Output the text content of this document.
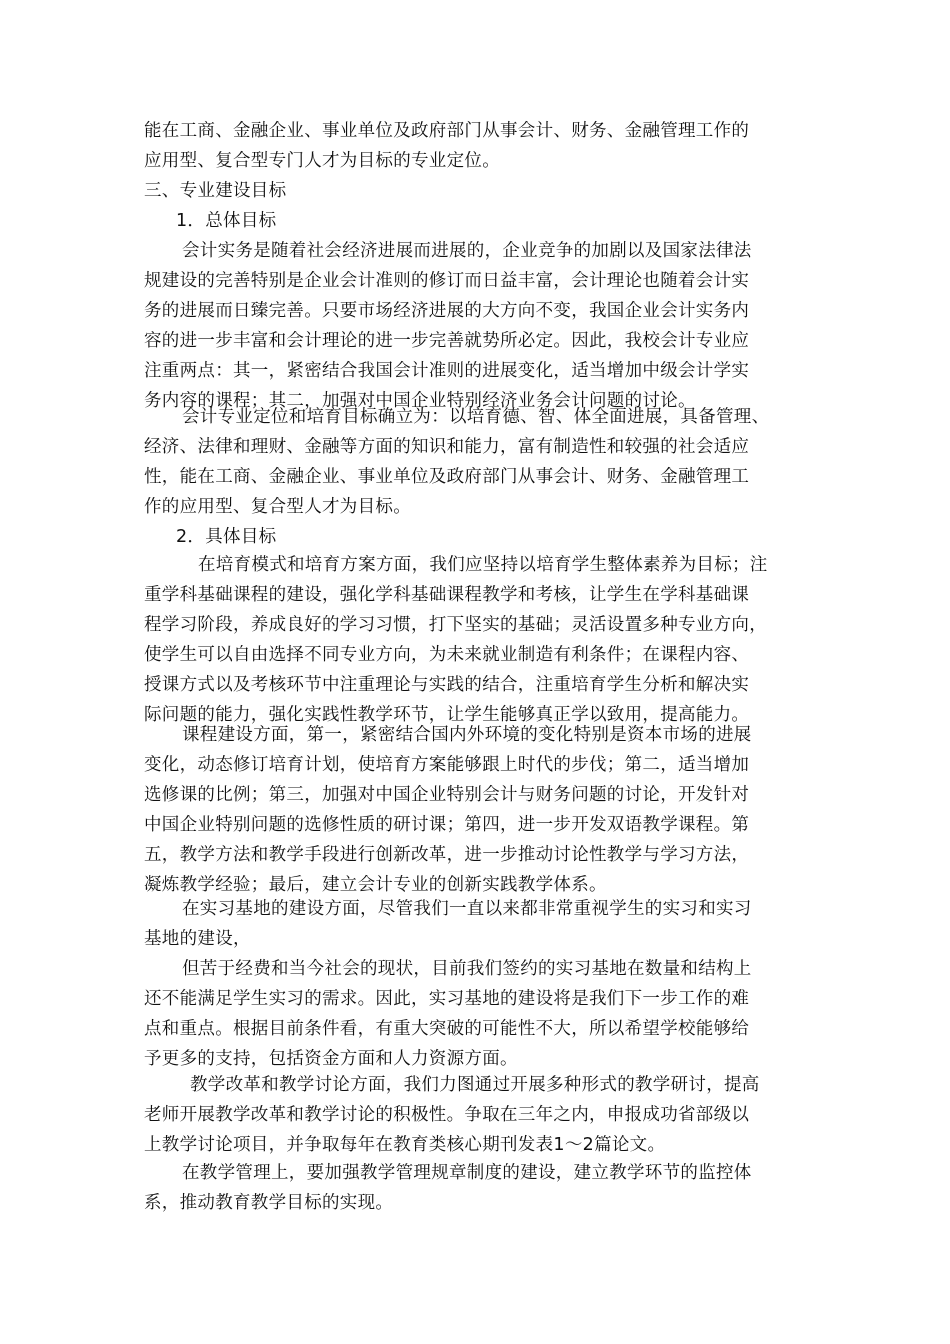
能在工商、金融企业、事业单位及政府部门从事会计、财务、金融管理工作的
应用型、复合型专门人才为目标的专业定位。
三、专业建设目标
1．总体目标
会计实务是随着社会经济进展而进展的，企业竞争的加剧以及国家法律法
规建设的完善特别是企业会计准则的修订而日益丰富，会计理论也随着会计实
务的进展而日臻完善。只要市场经济进展的大方向不变，我国企业会计实务内
容的进一步丰富和会计理论的进一步完善就势所必定。因此，我校会计专业应
注重两点：其一，紧密结合我国会计准则的进展变化，适当增加中级会计学实
务内容的课程；其二，加强对中国企业特别经济业务会计问题的讨论。
会计专业定位和培育目标确立为：以培育德、智、体全面进展，具备管理、
经济、法律和理财、金融等方面的知识和能力，富有制造性和较强的社会适应
性，能在工商、金融企业、事业单位及政府部门从事会计、财务、金融管理工
作的应用型、复合型人才为目标。
2．具体目标
在培育模式和培育方案方面，我们应坚持以培育学生整体素养为目标；注
重学科基础课程的建设，强化学科基础课程教学和考核，让学生在学科基础课
程学习阶段，养成良好的学习习惯，打下坚实的基础；灵活设置多种专业方向，
使学生可以自由选择不同专业方向，为未来就业制造有利条件；在课程内容、
授课方式以及考核环节中注重理论与实践的结合，注重培育学生分析和解决实
际问题的能力，强化实践性教学环节，让学生能够真正学以致用，提高能力。
课程建设方面，第一，紧密结合国内外环境的变化特别是资本市场的进展
变化，动态修订培育计划，使培育方案能够跟上时代的步伐；第二，适当增加
选修课的比例；第三，加强对中国企业特别会计与财务问题的讨论，开发针对
中国企业特别问题的选修性质的研讨课；第四，进一步开发双语教学课程。第
五，教学方法和教学手段进行创新改革，进一步推动讨论性教学与学习方法，
凝炼教学经验；最后，建立会计专业的创新实践教学体系。
在实习基地的建设方面，尽管我们一直以来都非常重视学生的实习和实习
基地的建设，
但苦于经费和当今社会的现状，目前我们签约的实习基地在数量和结构上
还不能满足学生实习的需求。因此，实习基地的建设将是我们下一步工作的难
点和重点。根据目前条件看，有重大突破的可能性不大，所以希望学校能够给
予更多的支持，包括资金方面和人力资源方面。
教学改革和教学讨论方面，我们力图通过开展多种形式的教学研讨，提高
老师开展教学改革和教学讨论的积极性。争取在三年之内，申报成功省部级以
上教学讨论项目，并争取每年在教育类核心期刊发表1～2篇论文。
在教学管理上，要加强教学管理规章制度的建设，建立教学环节的监控体
系，推动教育教学目标的实现。
